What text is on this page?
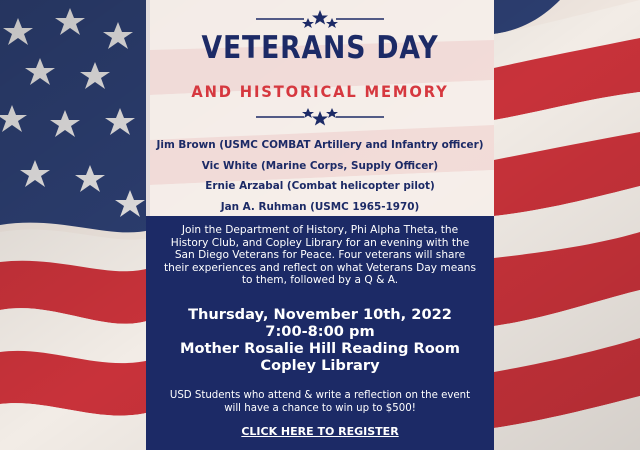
VETERANS DAY
AND HISTORICAL MEMORY
Jim Brown (USMC COMBAT Artillery and Infantry officer)
Vic White (Marine Corps, Supply Officer)
Ernie Arzabal (Combat helicopter pilot)
Jan A. Ruhman (USMC 1965-1970)
Join the Department of History, Phi Alpha Theta, the History Club, and Copley Library for an evening with the San Diego Veterans for Peace. Four veterans will share their experiences and reflect on what Veterans Day means to them, followed by a Q & A.
Thursday, November 10th, 2022
7:00-8:00 pm
Mother Rosalie Hill Reading Room
Copley Library
USD Students who attend & write a reflection on the event will have a chance to win up to $500!
CLICK HERE TO REGISTER
